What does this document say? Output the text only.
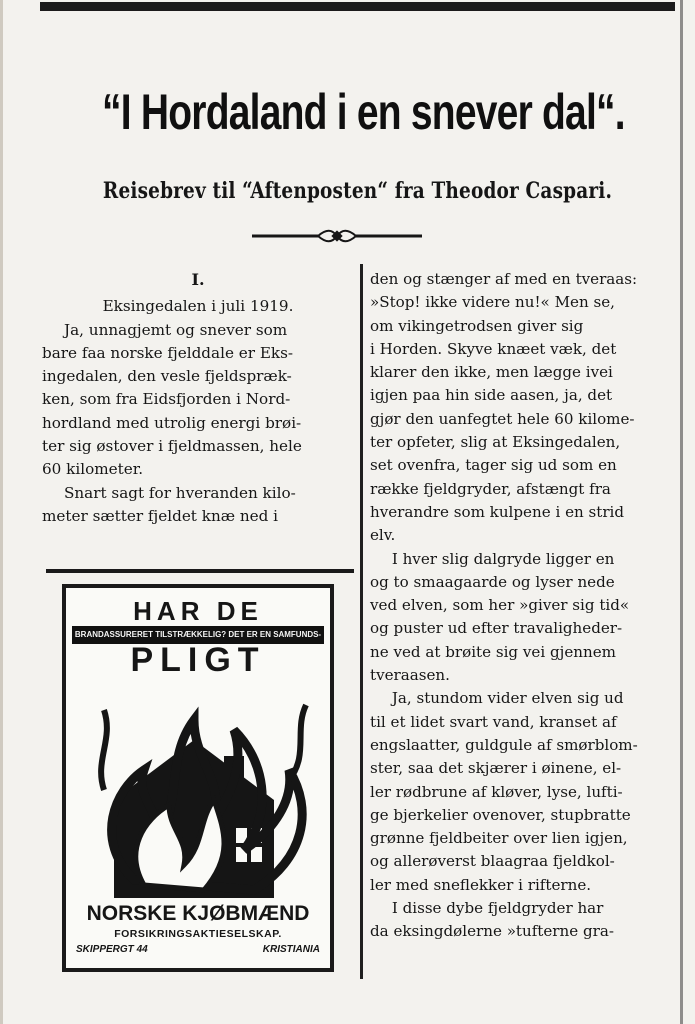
“I Hordaland i en snever dal“.
Reisebrev til “Aftenposten“ fra Theodor Caspari.
I.
Eksingedalen i juli 1919.
Ja, unnagjemt og snever som
bare faa norske fjelddale er Eks-
ingedalen, den vesle fjeldspræk-
ken, som fra Eidsfjorden i Nord-
hordland med utrolig energi brøi-
ter sig østover i fjeldmassen, hele
60 kilometer.
Snart sagt for hveranden kilo-
meter sætter fjeldet knæ ned i
den og stænger af med en tveraas:
»Stop! ikke videre nu!« Men se,
om vikingetrodsen giver sig
i Horden. Skyve knæet væk, det
klarer den ikke, men lægge ivei
igjen paa hin side aasen, ja, det
gjør den uanfegtet hele 60 kilome-
ter opfeter, slig at Eksingedalen,
set ovenfra, tager sig ud som en
række fjeldgryder, afstængt fra
hverandre som kulpene i en strid
elv.
I hver slig dalgryde ligger en
og to smaagaarde og lyser nede
ved elven, som her »giver sig tid«
og puster ud efter travaligheder-
ne ved at brøite sig vei gjennem
tveraasen.
Ja, stundom vider elven sig ud
til et lidet svart vand, kranset af
engslaatter, guldgule af smørblom-
ster, saa det skjærer i øinene, el-
ler rødbrune af kløver, lyse, lufti-
ge bjerkelier ovenover, stupbratte
grønne fjeldbeiter over lien igjen,
og allerøverst blaagraa fjeldkol-
ler med sneflekker i rifterne.
I disse dybe fjeldgryder har
da eksingdølerne »tufterne gra-
HAR DE
BRANDASSURERET TILSTRÆKKELIG? DET ER EN SAMFUNDS-
PLIGT
NORSKE KJØBMÆND
FORSIKRINGSAKTIESELSKAP.
SKIPPERGT 44	KRISTIANIA
